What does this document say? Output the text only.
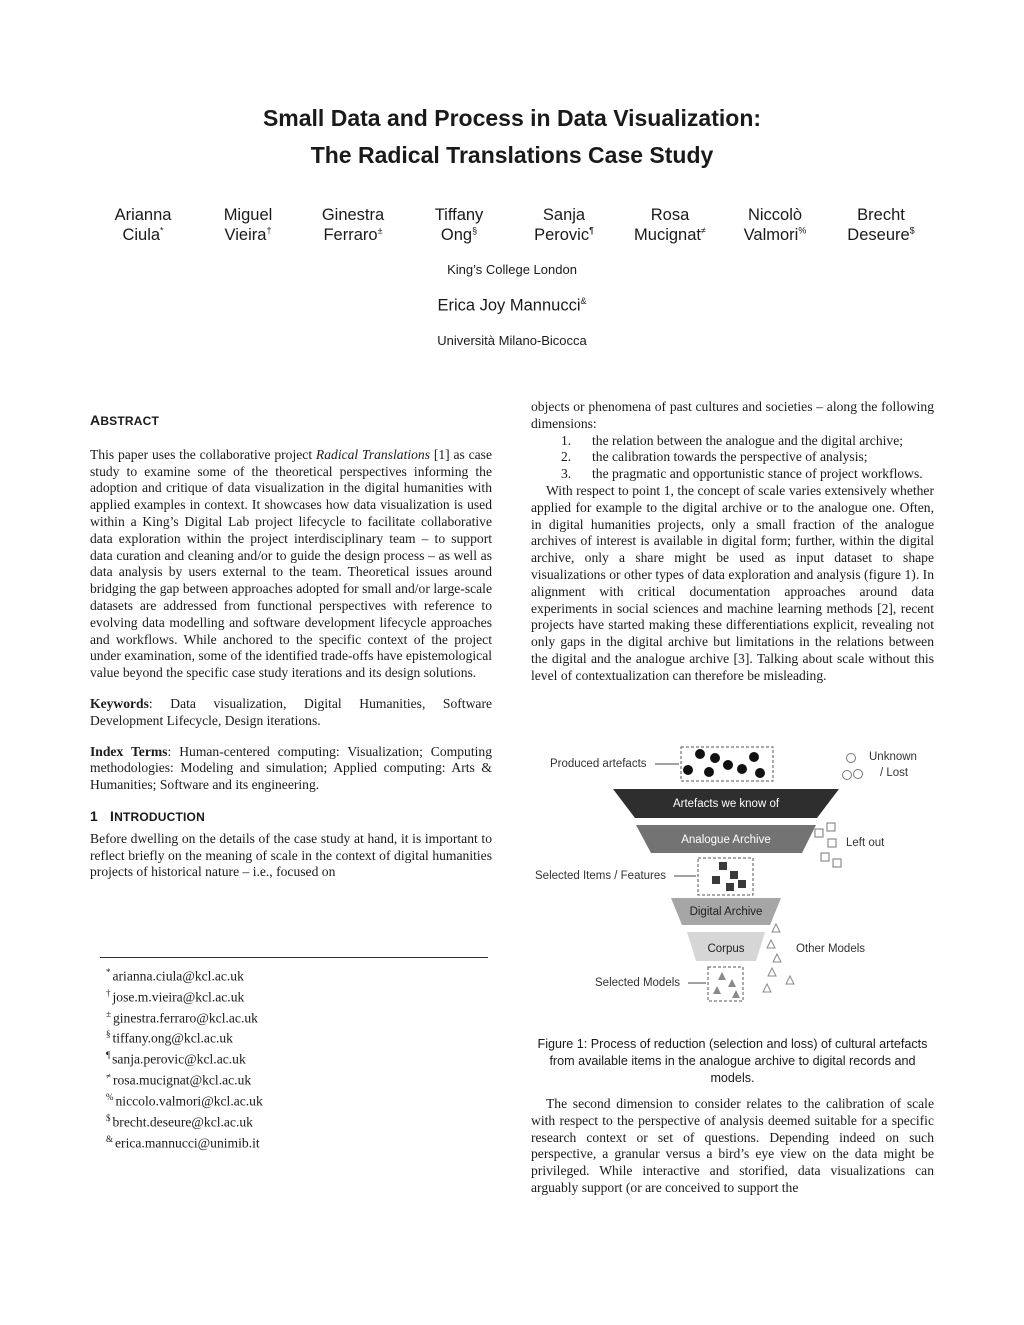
Small Data and Process in Data Visualization:
The Radical Translations Case Study
Arianna
Ciula*
Miguel
Vieira†
Ginestra
Ferraro±
Tiffany
Ong§
Sanja
Perovic¶
Rosa
Mucignat≠
Niccolò
Valmori%
Brecht
Deseure$
King’s College London
Erica Joy Mannucci&
Università Milano-Bicocca

ABSTRACT

This paper uses the collaborative project Radical Translations [1] as case study to examine some of the theoretical perspectives informing the adoption and critique of data visualization in the digital humanities with applied examples in context. It showcases how data visualization is used within a King’s Digital Lab project lifecycle to facilitate collaborative data exploration within the project interdisciplinary team – to support data curation and cleaning and/or to guide the design process – as well as data analysis by users external to the team. Theoretical issues around bridging the gap between approaches adopted for small and/or large-scale datasets are addressed from functional perspectives with reference to evolving data modelling and software development lifecycle approaches and workflows. While anchored to the specific context of the project under examination, some of the identified trade-offs have epistemological value beyond the specific case study iterations and its design solutions.

Keywords: Data visualization, Digital Humanities, Software Development Lifecycle, Design iterations.

Index Terms: Human-centered computing: Visualization; Computing methodologies: Modeling and simulation; Applied computing: Arts & Humanities; Software and its engineering.

1 INTRODUCTION

Before dwelling on the details of the case study at hand, it is important to reflect briefly on the meaning of scale in the context of digital humanities projects of historical nature – i.e., focused on

* arianna.ciula@kcl.ac.uk
† jose.m.vieira@kcl.ac.uk
± ginestra.ferraro@kcl.ac.uk
§ tiffany.ong@kcl.ac.uk
¶ sanja.perovic@kcl.ac.uk
≠ rosa.mucignat@kcl.ac.uk
% niccolo.valmori@kcl.ac.uk
$ brecht.deseure@kcl.ac.uk
& erica.mannucci@unimib.it

objects or phenomena of past cultures and societies – along the following dimensions:

1. the relation between the analogue and the digital archive;
2. the calibration towards the perspective of analysis;
3. the pragmatic and opportunistic stance of project workflows.

With respect to point 1, the concept of scale varies extensively whether applied for example to the digital archive or to the analogue one. Often, in digital humanities projects, only a small fraction of the analogue archives of interest is available in digital form; further, within the digital archive, only a share might be used as input dataset to shape visualizations or other types of data exploration and analysis (figure 1). In alignment with critical documentation approaches around data experiments in social sciences and machine learning methods [2], recent projects have started making these differentiations explicit, revealing not only gaps in the digital archive but limitations in the relations between the digital and the analogue archive [3]. Talking about scale without this level of contextualization can therefore be misleading.

Produced artefacts
Unknown
/ Lost
Artefacts we know of
Analogue Archive	Left out
Selected Items / Features
Digital Archive
Corpus	Other Models
Selected Models
Figure 1: Process of reduction (selection and loss) of cultural artefacts from available items in the analogue archive to digital records and models.

The second dimension to consider relates to the calibration of scale with respect to the perspective of analysis deemed suitable for a specific research context or set of questions. Depending indeed on such perspective, a granular versus a bird’s eye view on the data might be privileged. While interactive and storified, data visualizations can arguably support (or are conceived to support the
